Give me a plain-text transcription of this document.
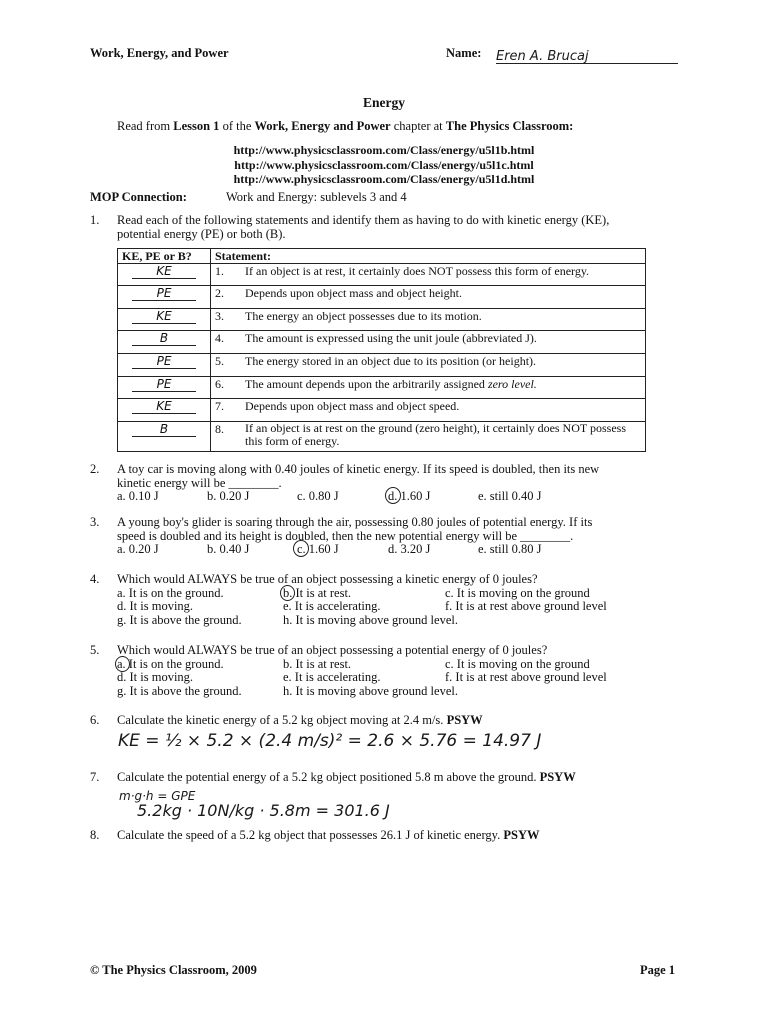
Work, Energy, and Power	Name: Eren A. Brucaj
Energy
Read from Lesson 1 of the Work, Energy and Power chapter at The Physics Classroom:
http://www.physicsclassroom.com/Class/energy/u5l1b.html
http://www.physicsclassroom.com/Class/energy/u5l1c.html
http://www.physicsclassroom.com/Class/energy/u5l1d.html
MOP Connection:	Work and Energy: sublevels 3 and 4
1. Read each of the following statements and identify them as having to do with kinetic energy (KE),
potential energy (PE) or both (B).
KE, PE or B?	Statement:	
KE	1.	If an object is at rest, it certainly does NOT possess this form of energy.
PE	2.	Depends upon object mass and object height.
KE	3.	The energy an object possesses due to its motion.
B	4.	The amount is expressed using the unit joule (abbreviated J).
PE	5.	The energy stored in an object due to its position (or height).
PE	6.	The amount depends upon the arbitrarily assigned zero level.
KE	7.	Depends upon object mass and object speed.
B	8.	If an object is at rest on the ground (zero height), it certainly does NOT possess this form of energy.
2. A toy car is moving along with 0.40 joules of kinetic energy. If its speed is doubled, then its new
kinetic energy will be ________.
a. 0.10 J	b. 0.20 J	c. 0.80 J	d. 1.60 J	e. still 0.40 J
3. A young boy's glider is soaring through the air, possessing 0.80 joules of potential energy. If its
speed is doubled and its height is doubled, then the new potential energy will be ________.
a. 0.20 J	b. 0.40 J	c. 1.60 J	d. 3.20 J	e. still 0.80 J
4. Which would ALWAYS be true of an object possessing a kinetic energy of 0 joules?
a. It is on the ground.	b. It is at rest.	c. It is moving on the ground
d. It is moving.	e. It is accelerating.	f. It is at rest above ground level
g. It is above the ground.	h. It is moving above ground level.
5. Which would ALWAYS be true of an object possessing a potential energy of 0 joules?
a. It is on the ground.	b. It is at rest.	c. It is moving on the ground
d. It is moving.	e. It is accelerating.	f. It is at rest above ground level
g. It is above the ground.	h. It is moving above ground level.
6. Calculate the kinetic energy of a 5.2 kg object moving at 2.4 m/s. PSYW
KE = ½ × 5.2 × (2.4 m/s)² = 2.6 × 5.76 = 14.97 J
7. Calculate the potential energy of a 5.2 kg object positioned 5.8 m above the ground. PSYW
m·g·h = GPE
5.2kg · 10N/kg · 5.8m = 301.6 J
8. Calculate the speed of a 5.2 kg object that possesses 26.1 J of kinetic energy. PSYW
© The Physics Classroom, 2009	Page 1
